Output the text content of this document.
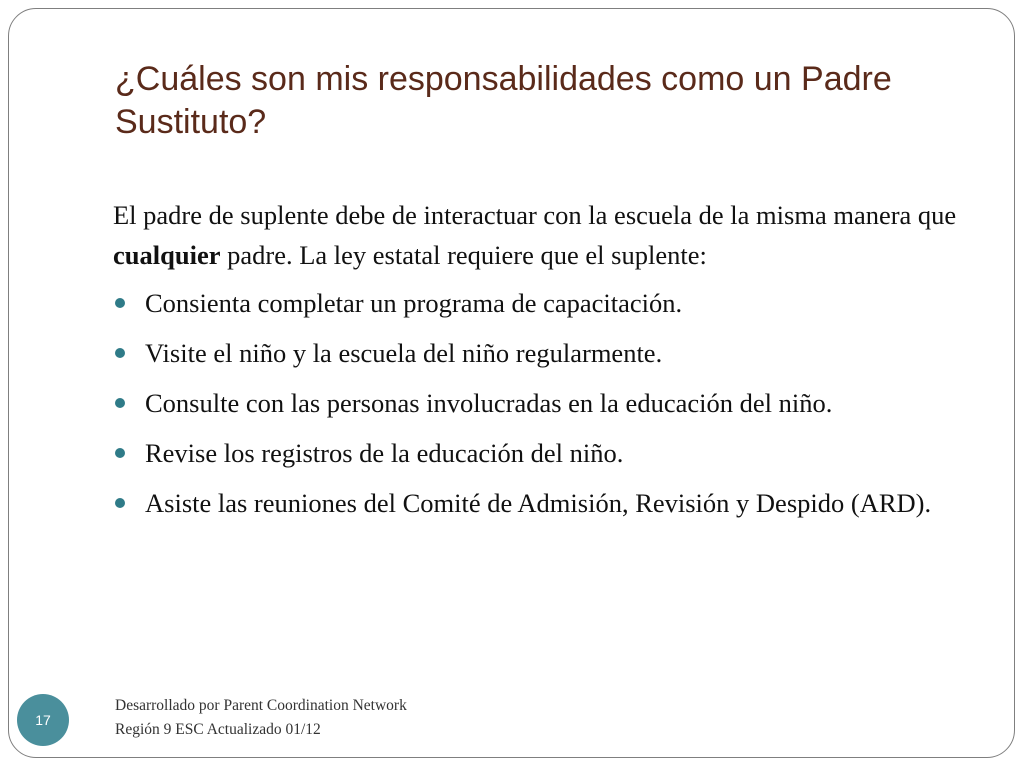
¿Cuáles son mis responsabilidades como un Padre Sustituto?

El padre de suplente debe de interactuar con la escuela de la misma manera que cualquier padre. La ley estatal requiere que el suplente:

Consienta completar un programa de capacitación.
Visite el niño y la escuela del niño regularmente.
Consulte con las personas involucradas en la educación del niño.
Revise los registros de la educación del niño.
Asiste las reuniones del Comité de Admisión, Revisión y Despido (ARD).
17
Desarrollado por Parent Coordination Network
Región 9 ESC Actualizado 01/12
